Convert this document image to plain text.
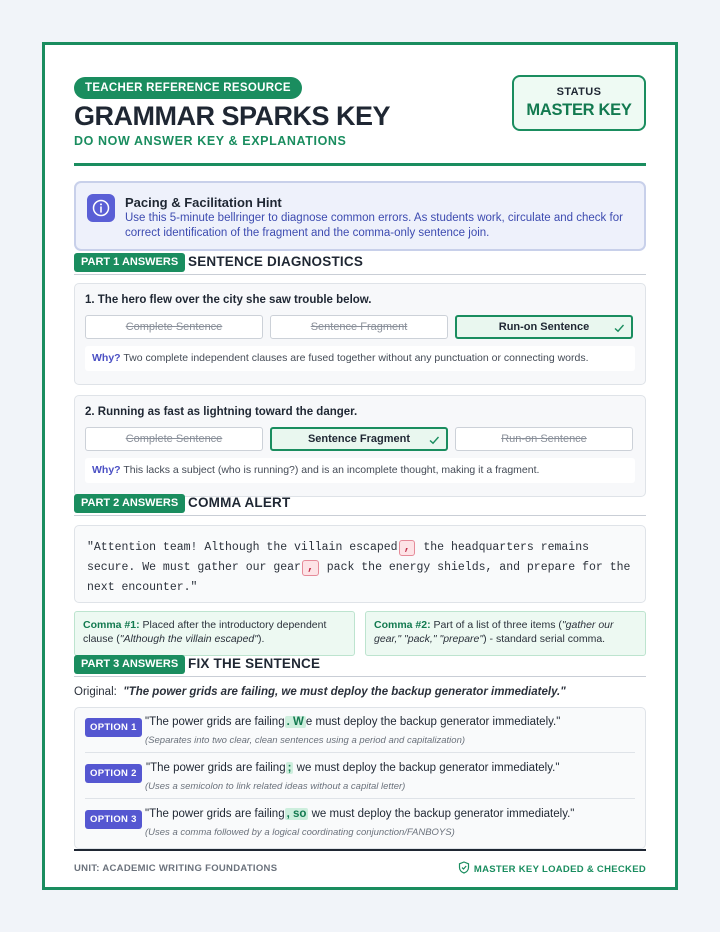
TEACHER REFERENCE RESOURCE
GRAMMAR SPARKS KEY
DO NOW ANSWER KEY & EXPLANATIONS
STATUS
MASTER KEY
Pacing & Facilitation Hint
Use this 5-minute bellringer to diagnose common errors. As students work, circulate and check for correct identification of the fragment and the comma-only sentence join.
PART 1 ANSWERS SENTENCE DIAGNOSTICS
1. The hero flew over the city she saw trouble below.
Complete Sentence	Sentence Fragment	Run-on Sentence
Why? Two complete independent clauses are fused together without any punctuation or connecting words.
2. Running as fast as lightning toward the danger.
Complete Sentence	Sentence Fragment	Run-on Sentence
Why? This lacks a subject (who is running?) and is an incomplete thought, making it a fragment.
PART 2 ANSWERS COMMA ALERT
"Attention team! Although the villain escaped , the headquarters remains secure. We must gather our gear , pack the energy shields, and prepare for the next encounter."
Comma #1: Placed after the introductory dependent clause ("Although the villain escaped").
Comma #2: Part of a list of three items ("gather our gear," "pack," "prepare") - standard serial comma.
PART 3 ANSWERS FIX THE SENTENCE
Original: "The power grids are failing, we must deploy the backup generator immediately."
OPTION 1 "The power grids are failing . W e must deploy the backup generator immediately."
(Separates into two clear, clean sentences using a period and capitalization)
OPTION 2 "The power grids are failing ; we must deploy the backup generator immediately."
(Uses a semicolon to link related ideas without a capital letter)
OPTION 3 "The power grids are failing , so we must deploy the backup generator immediately."
(Uses a comma followed by a logical coordinating conjunction/FANBOYS)
UNIT: ACADEMIC WRITING FOUNDATIONS	MASTER KEY LOADED & CHECKED
